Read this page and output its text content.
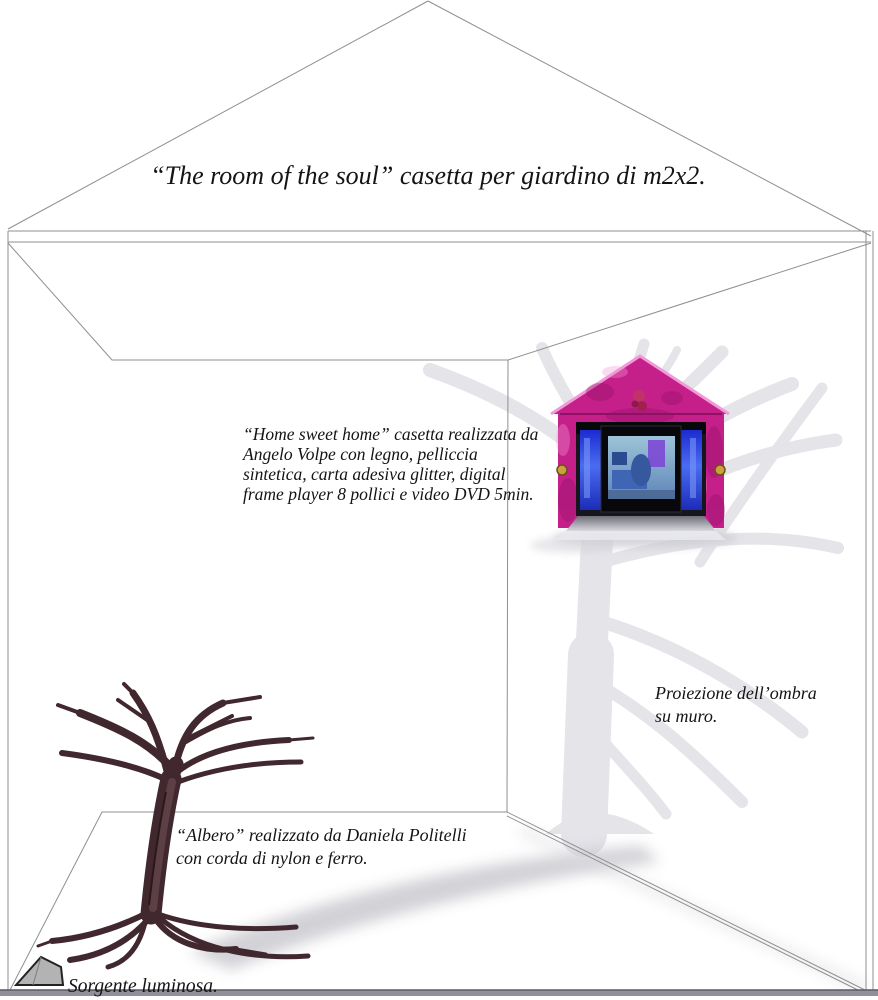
“The room of the soul” casetta per giardino di m2x2.
“Home sweet home” casetta realizzata da
Angelo Volpe con legno, pelliccia
sintetica, carta adesiva glitter, digital
frame player 8 pollici e video DVD 5min.
Proiezione dell’ombra
su muro.
“Albero” realizzato da Daniela Politelli
con corda di nylon e ferro.
Sorgente luminosa.
